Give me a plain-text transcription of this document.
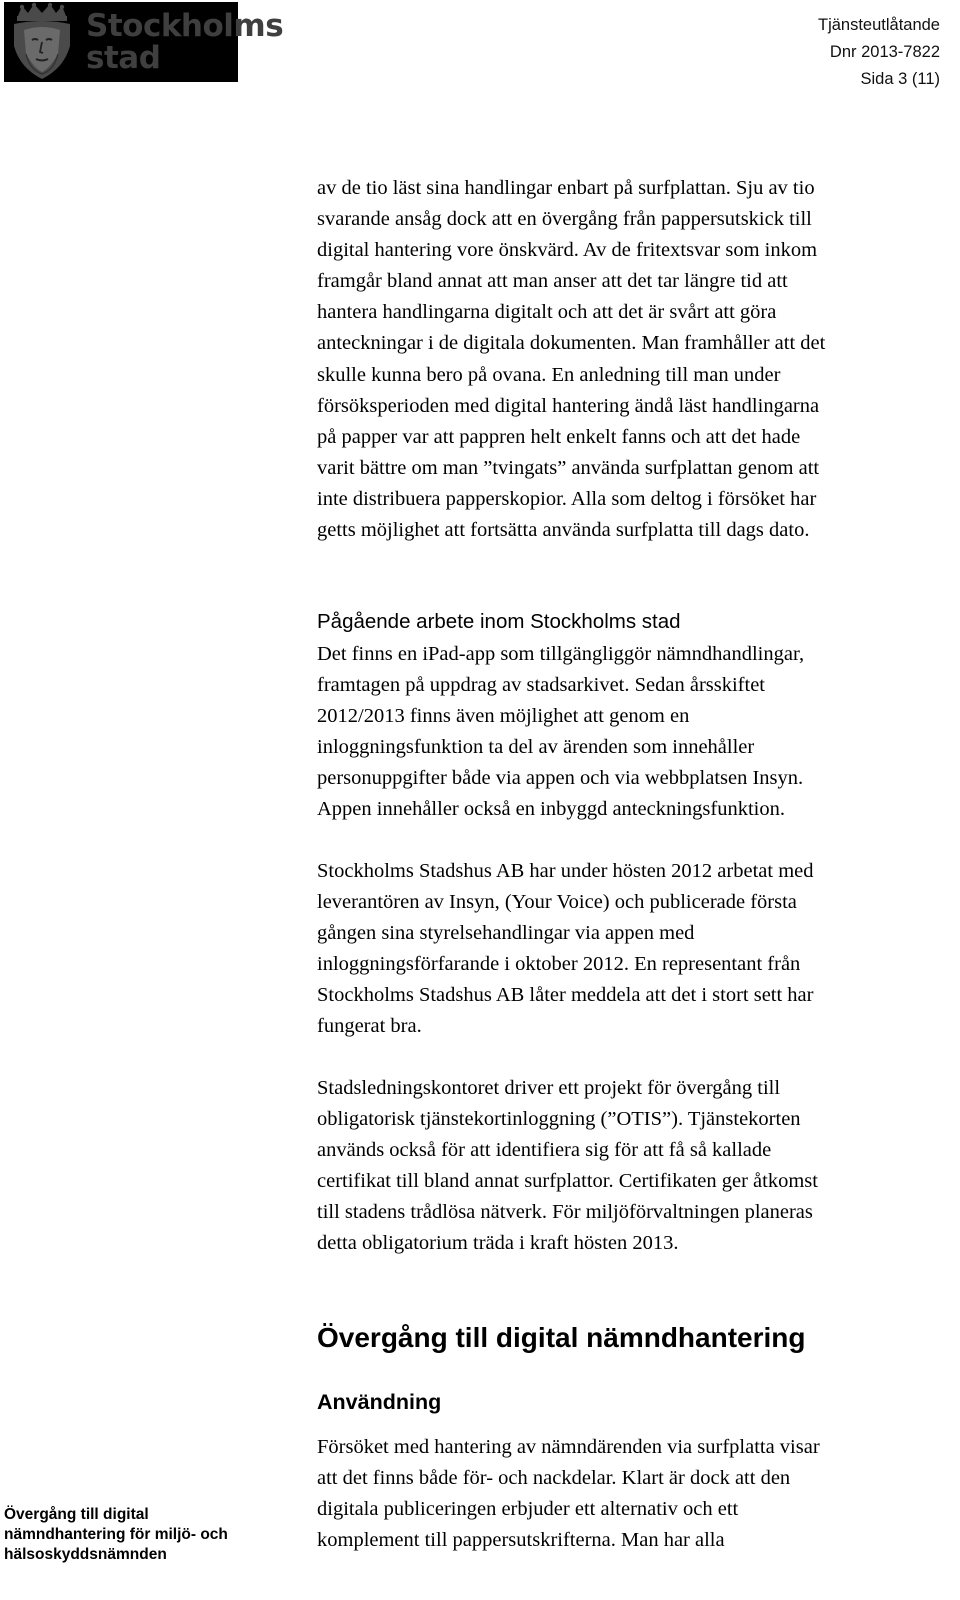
Stockholms
stad
Tjänsteutlåtande
Dnr 2013-7822
Sida 3 (11)

av de tio läst sina handlingar enbart på surfplattan. Sju av tio
svarande ansåg dock att en övergång från pappersutskick till
digital hantering vore önskvärd. Av de fritextsvar som inkom
framgår bland annat att man anser att det tar längre tid att
hantera handlingarna digitalt och att det är svårt att göra
anteckningar i de digitala dokumenten. Man framhåller att det
skulle kunna bero på ovana. En anledning till man under
försöksperioden med digital hantering ändå läst handlingarna
på papper var att pappren helt enkelt fanns och att det hade
varit bättre om man ”tvingats” använda surfplattan genom att
inte distribuera papperskopior. Alla som deltog i försöket har
getts möjlighet att fortsätta använda surfplatta till dags dato.

Pågående arbete inom Stockholms stad

Det finns en iPad-app som tillgängliggör nämndhandlingar,
framtagen på uppdrag av stadsarkivet. Sedan årsskiftet
2012/2013 finns även möjlighet att genom en
inloggningsfunktion ta del av ärenden som innehåller
personuppgifter både via appen och via webbplatsen Insyn.
Appen innehåller också en inbyggd anteckningsfunktion.

Stockholms Stadshus AB har under hösten 2012 arbetat med
leverantören av Insyn, (Your Voice) och publicerade första
gången sina styrelsehandlingar via appen med
inloggningsförfarande i oktober 2012. En representant från
Stockholms Stadshus AB låter meddela att det i stort sett har
fungerat bra.

Stadsledningskontoret driver ett projekt för övergång till
obligatorisk tjänstekortinloggning (”OTIS”). Tjänstekorten
används också för att identifiera sig för att få så kallade
certifikat till bland annat surfplattor. Certifikaten ger åtkomst
till stadens trådlösa nätverk. För miljöförvaltningen planeras
detta obligatorium träda i kraft hösten 2013.

Övergång till digital nämndhantering
Användning

Försöket med hantering av nämndärenden via surfplatta visar
att det finns både för- och nackdelar. Klart är dock att den
digitala publiceringen erbjuder ett alternativ och ett
komplement till pappersutskrifterna. Man har alla

Övergång till digital
nämndhantering för miljö- och
hälsoskyddsnämnden
